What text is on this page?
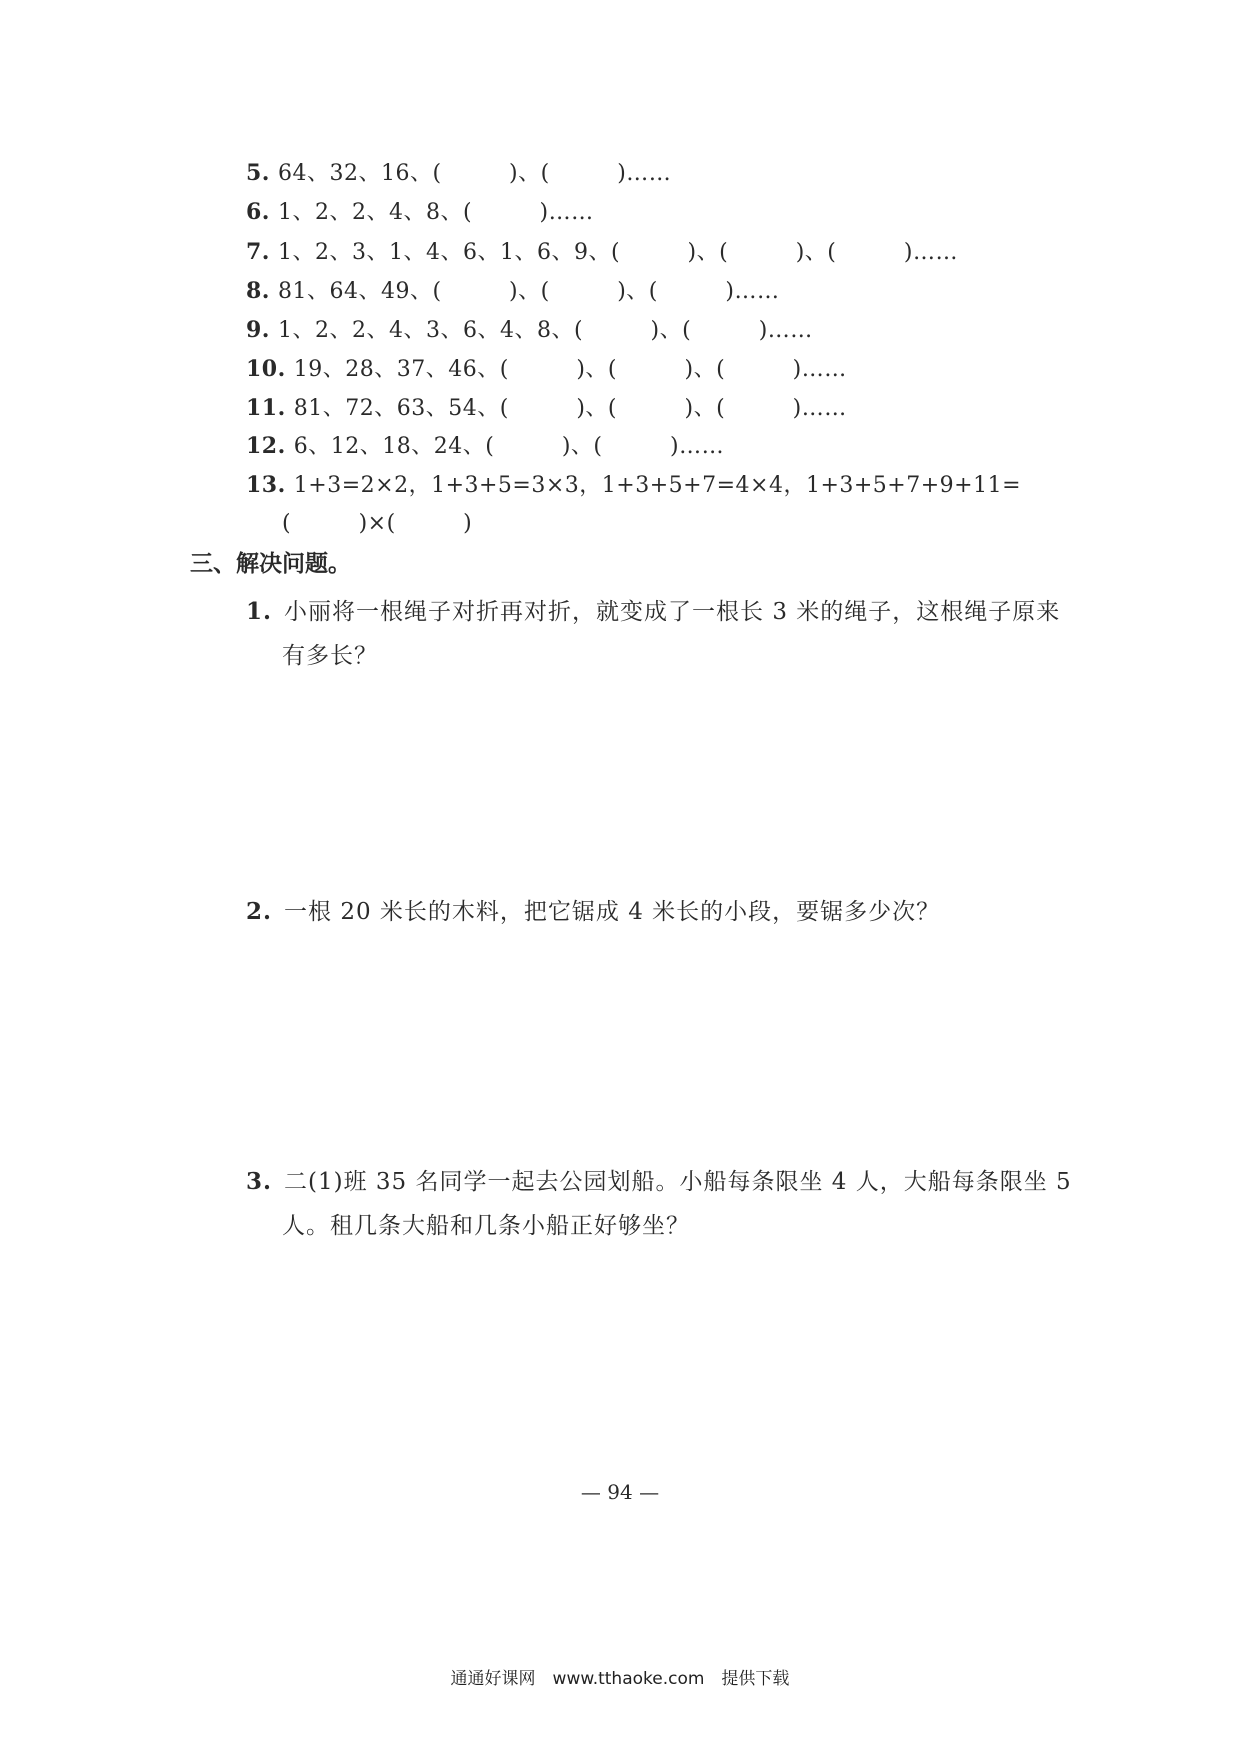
5. 64、32、16、(　　　)、(　　　)……
6. 1、2、2、4、8、(　　　)……
7. 1、2、3、1、4、6、1、6、9、(　　　)、(　　　)、(　　　)……
8. 81、64、49、(　　　)、(　　　)、(　　　)……
9. 1、2、2、4、3、6、4、8、(　　　)、(　　　)……
10. 19、28、37、46、(　　　)、(　　　)、(　　　)……
11. 81、72、63、54、(　　　)、(　　　)、(　　　)……
12. 6、12、18、24、(　　　)、(　　　)……
13. 1+3=2×2，1+3+5=3×3，1+3+5+7=4×4，1+3+5+7+9+11=
(　　　)×(　　　)
三、解决问题。
1. 小丽将一根绳子对折再对折，就变成了一根长 3 米的绳子，这根绳子原来
有多长？
2. 一根 20 米长的木料，把它锯成 4 米长的小段，要锯多少次？
3. 二(1)班 35 名同学一起去公园划船。小船每条限坐 4 人，大船每条限坐 5
人。租几条大船和几条小船正好够坐？
— 94 —
通通好课网　www.tthaoke.com　提供下载
